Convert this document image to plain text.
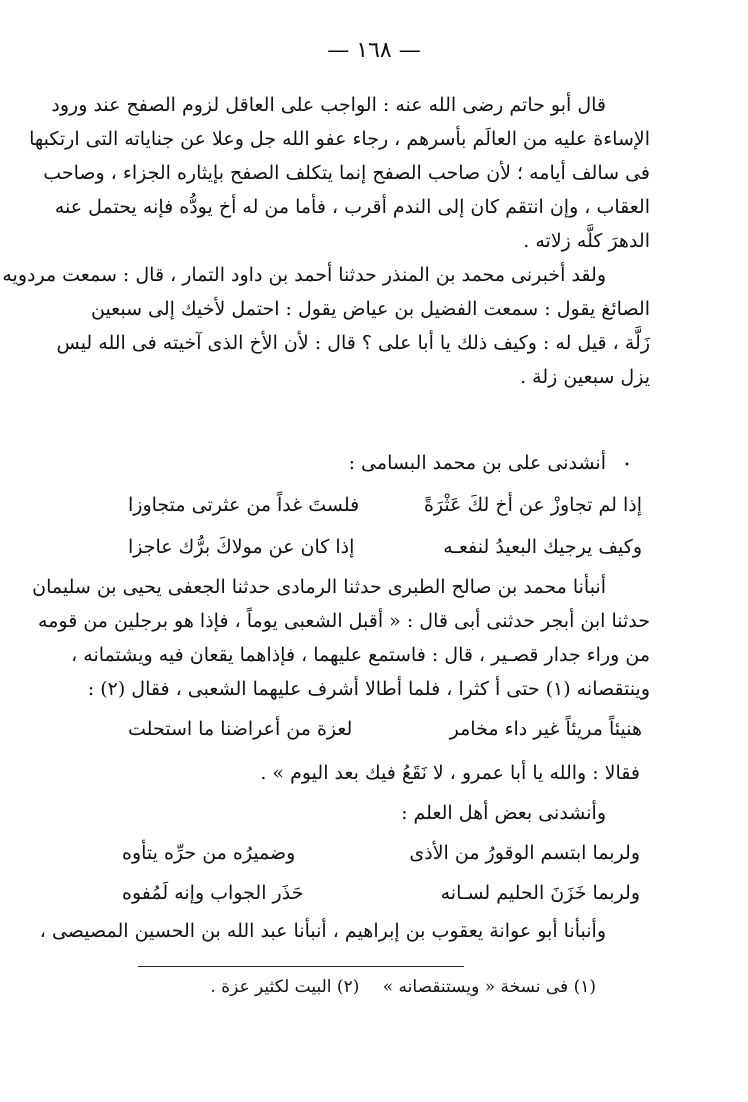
— ١٦٨ —
قال أبو حاتم رضى الله عنه : الواجب على العاقل لزوم الصفح عند ورود
الإساءة عليه من العالَم بأسرهم ، رجاء عفو الله جل وعلا عن جناياته التى ارتكبها
فى سالف أيامه ؛ لأن صاحب الصفح إنما يتكلف الصفح بإيثاره الجزاء ، وصاحب
العقاب ، وإن انتقم كان إلى الندم أقرب ، فأما من له أخ يودُّه فإنه يحتمل عنه
الدهرَ كلَّه زلاته .
ولقد أخبرنى محمد بن المنذر حدثنا أحمد بن داود التمار ، قال : سمعت مردويه
الصائغ يقول : سمعت الفضيل بن عياض يقول : احتمل لأخيك إلى سبعين
زَلَّة ، قيل له : وكيف ذلك يا أبا على ؟ قال : لأن الأخ الذى آخيته فى الله ليس
يزل سبعين زلة .
•
أنشدنى على بن محمد البسامى :
إذا لم تجاوزْ عن أخ لكَ عَثْرَةً
فلستَ غداً من عثرتى متجاوزا
وكيف يرجيك البعيدُ لنفعـه
إذا كان عن مولاكَ برُّك عاجزا
أنبأنا محمد بن صالح الطبرى حدثنا الرمادى حدثنا الجعفى يحيى بن سليمان
حدثنا ابن أبجر حدثنى أبى قال : « أقبل الشعبى يوماً ، فإذا هو برجلين من قومه
من وراء جدار قصـير ، قال : فاستمع عليهما ، فإذاهما يقعان فيه ويشتمانه ،
وينتقصانه (١) حتى أ كثرا ، فلما أطالا أشرف عليهما الشعبى ، فقال (٢) :
هنيئاً مريئاً غير داء مخامر
لعزة من أعراضنا ما استحلت
فقالا : والله يا أبا عمرو ، لا نَقَعُ فيك بعد اليوم » .
وأنشدنى بعض أهل العلم :
ولربما ابتسم الوقورُ من الأذى
وضميرُه من حرِّه يتأوه
ولربما خَزَنَ الحليم لسـانه
حَذَر الجواب وإنه لَمُفوه
وأنبأنا أبو عوانة يعقوب بن إبراهيم ، أنبأنا عبد الله بن الحسين المصيصى ،
(١) فى نسخة « ويستنقصانه » (٢) البيت لكثير عزة .
